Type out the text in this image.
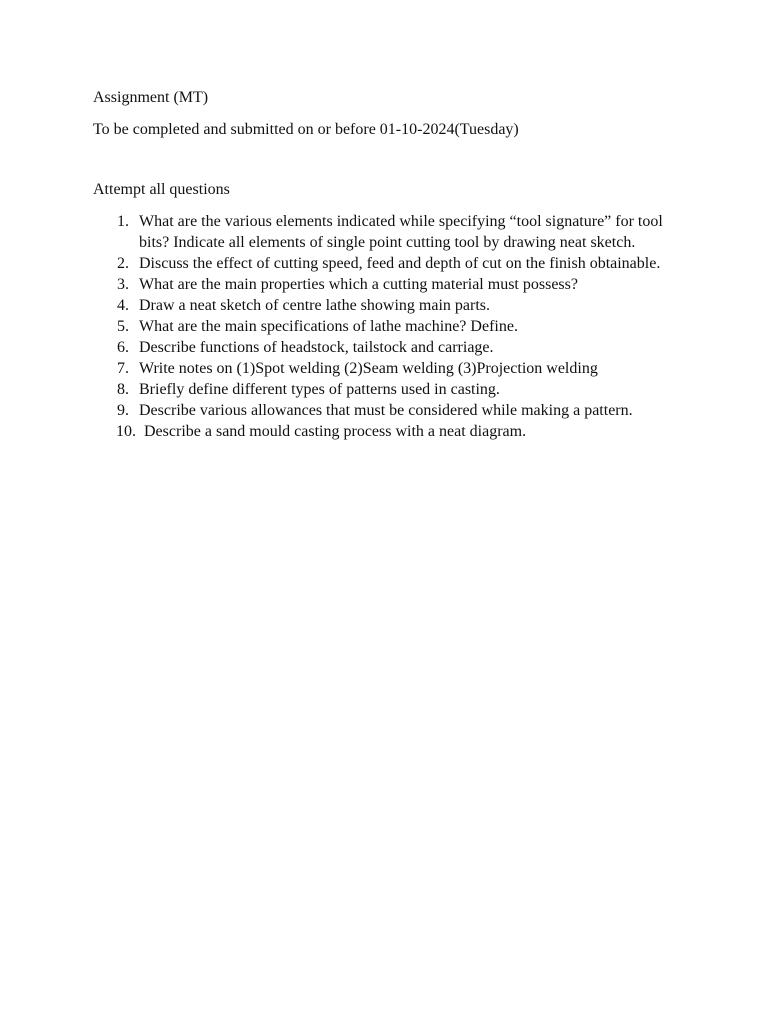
Assignment (MT)

To be completed and submitted on or before 01-10-2024(Tuesday)

Attempt all questions

1. What are the various elements indicated while specifying “tool signature” for tool bits? Indicate all elements of single point cutting tool by drawing neat sketch.
2. Discuss the effect of cutting speed, feed and depth of cut on the finish obtainable.
3. What are the main properties which a cutting material must possess?
4. Draw a neat sketch of centre lathe showing main parts.
5. What are the main specifications of lathe machine? Define.
6. Describe functions of headstock, tailstock and carriage.
7. Write notes on (1)Spot welding (2)Seam welding (3)Projection welding
8. Briefly define different types of patterns used in casting.
9. Describe various allowances that must be considered while making a pattern.
10. Describe a sand mould casting process with a neat diagram.
